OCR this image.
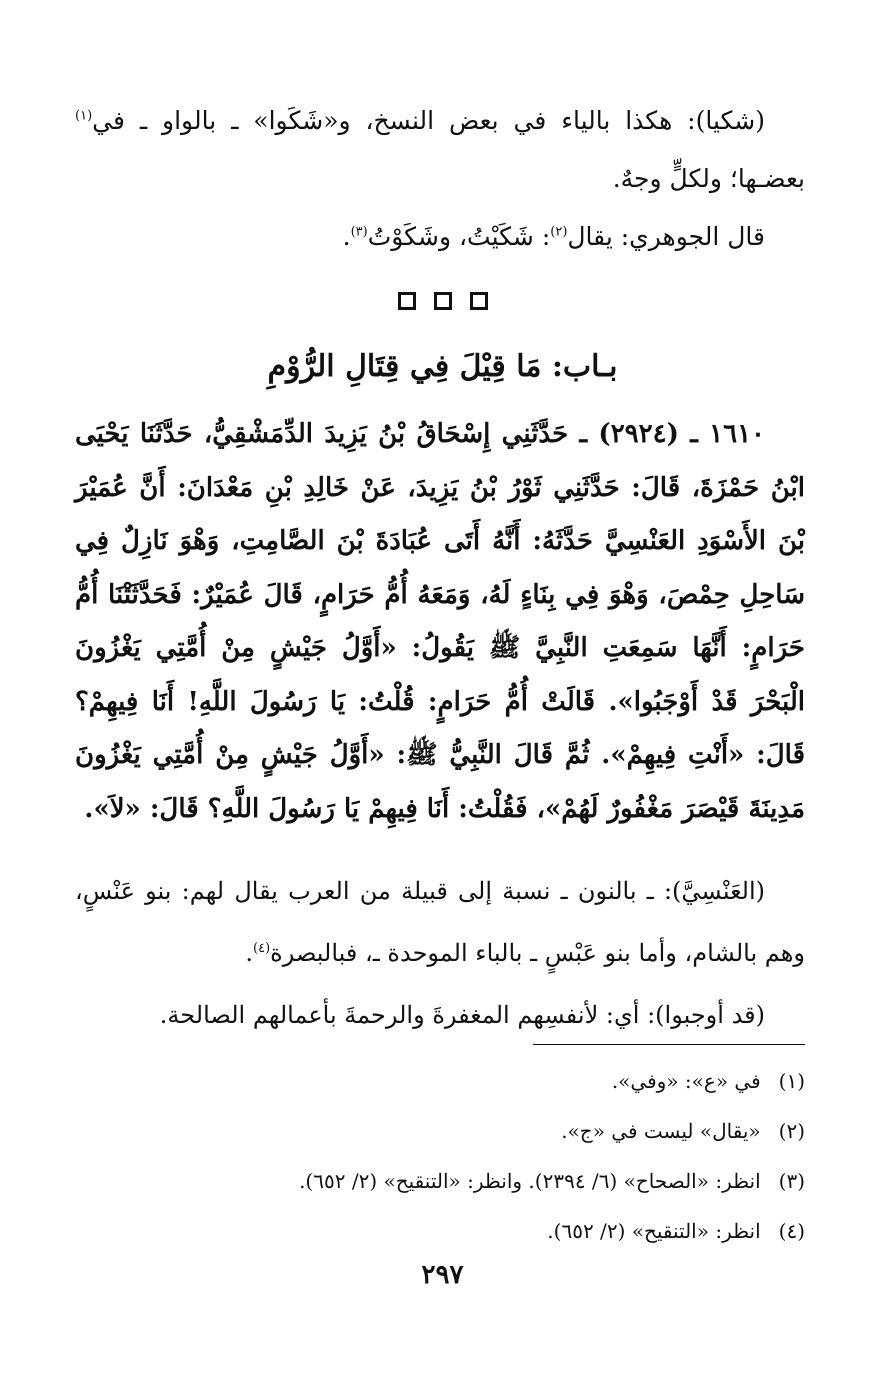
(شكيا): هكذا بالياء في بعض النسخ، و«شَكَوا» ـ بالواو ـ في$^{(١)}$ بعضـها؛ ولكلٍّ وجهٌ.

قال الجوهري: يقال$^{(٢)}$: شَكَيْتُ، وشَكَوْتُ$^{(٣)}$.

بـاب: مَا قِيْلَ فِي قِتَالِ الرُّوْمِ

١٦١٠ ـ (٢٩٢٤) ـ حَدَّثَنِي إِسْحَاقُ بْنُ يَزِيدَ الدِّمَشْقِيُّ، حَدَّثَنَا يَحْيَى ابْنُ حَمْزَةَ، قَالَ: حَدَّثَنِي ثَوْرُ بْنُ يَزِيدَ، عَنْ خَالِدِ بْنِ مَعْدَانَ: أَنَّ عُمَيْرَ بْنَ الأَسْوَدِ العَنْسِيَّ حَدَّثَهُ: أَنَّهُ أَتَى عُبَادَةَ بْنَ الصَّامِتِ، وَهْوَ نَازِلٌ فِي سَاحِلِ حِمْصَ، وَهْوَ فِي بِنَاءٍ لَهُ، وَمَعَهُ أُمُّ حَرَامٍ، قَالَ عُمَيْرٌ: فَحَدَّثَتْنَا أُمُّ حَرَامٍ: أَنَّهَا سَمِعَتِ النَّبِيَّ ﷺ يَقُولُ: «أَوَّلُ جَيْشٍ مِنْ أُمَّتِي يَغْزُونَ الْبَحْرَ قَدْ أَوْجَبُوا». قَالَتْ أُمُّ حَرَامٍ: قُلْتُ: يَا رَسُولَ اللَّهِ! أَنَا فِيهِمْ؟ قَالَ: «أَنْتِ فِيهِمْ». ثُمَّ قَالَ النَّبِيُّ ﷺ: «أَوَّلُ جَيْشٍ مِنْ أُمَّتِي يَغْزُونَ مَدِينَةَ قَيْصَرَ مَغْفُورٌ لَهُمْ»، فَقُلْتُ: أَنَا فِيهِمْ يَا رَسُولَ اللَّهِ؟ قَالَ: «لاَ».

(العَنْسِيَّ): ـ بالنون ـ نسبة إلى قبيلة من العرب يقال لهم: بنو عَنْسٍ، وهم بالشام، وأما بنو عَبْسٍ ـ بالباء الموحدة ـ، فبالبصرة$^{(٤)}$.

(قد أوجبوا): أي: لأنفسِهم المغفرةَ والرحمةَ بأعمالهم الصالحة.

(١) في «ع»: «وفي».
(٢) «يقال» ليست في «ج».
(٣) انظر: «الصحاح» (٦/ ٢٣٩٤). وانظر: «التنقيح» (٢/ ٦٥٢).
(٤) انظر: «التنقيح» (٢/ ٦٥٢).
٢٩٧
